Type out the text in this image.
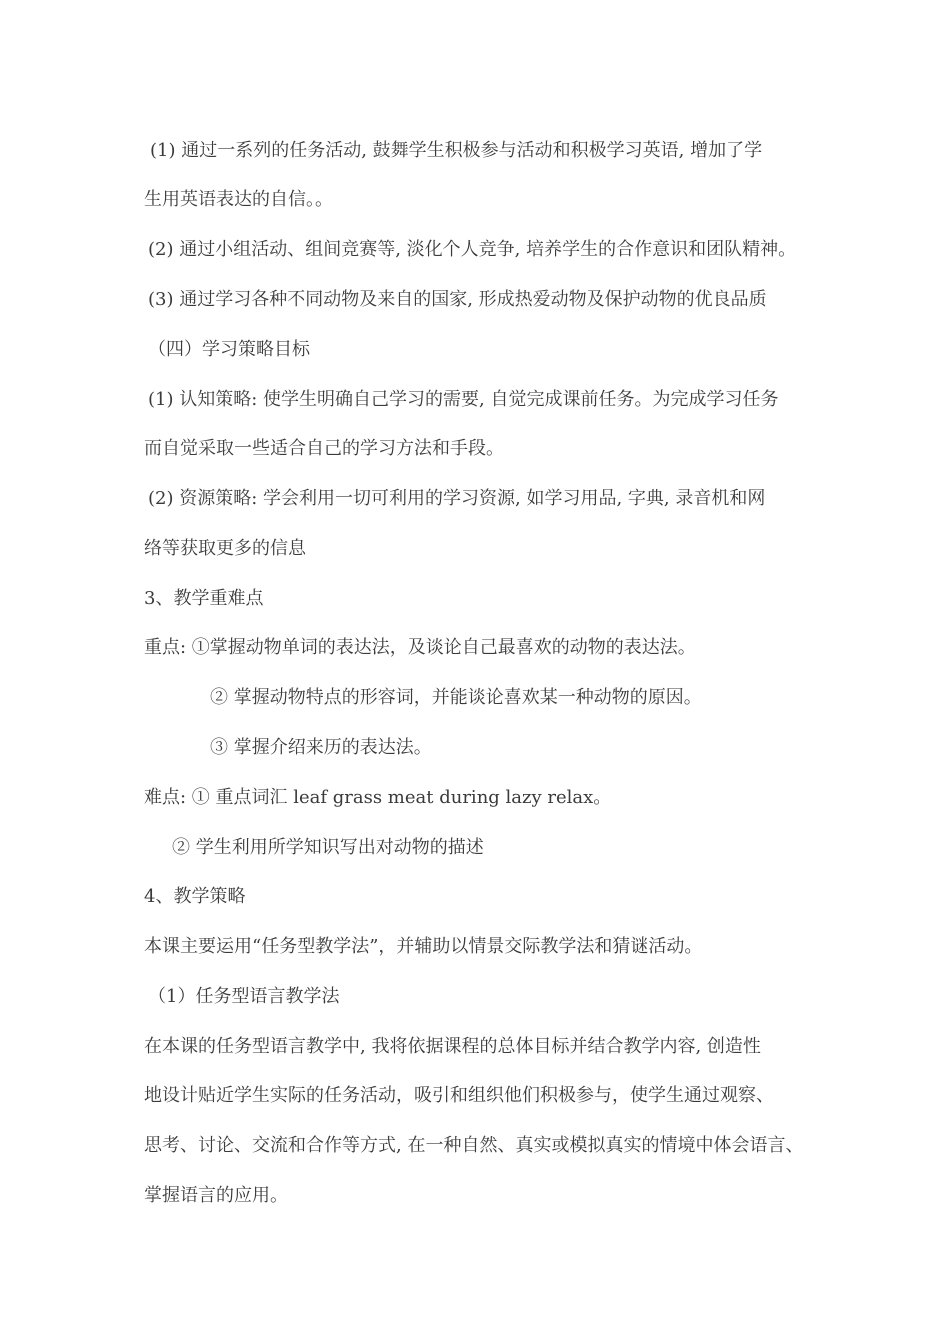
(1) 通过一系列的任务活动, 鼓舞学生积极参与活动和积极学习英语, 增加了学
生用英语表达的自信。。
(2) 通过小组活动、组间竞赛等, 淡化个人竞争, 培养学生的合作意识和团队精神。
(3) 通过学习各种不同动物及来自的国家, 形成热爱动物及保护动物的优良品质
（四）学习策略目标
(1) 认知策略: 使学生明确自己学习的需要, 自觉完成课前任务。为完成学习任务
而自觉采取一些适合自己的学习方法和手段。
(2) 资源策略: 学会利用一切可利用的学习资源, 如学习用品, 字典, 录音机和网
络等获取更多的信息
3、教学重难点
重点: ①掌握动物单词的表达法，及谈论自己最喜欢的动物的表达法。
② 掌握动物特点的形容词，并能谈论喜欢某一种动物的原因。
③ 掌握介绍来历的表达法。
难点: ① 重点词汇 leaf grass meat during lazy relax。
② 学生利用所学知识写出对动物的描述
4、教学策略
本课主要运用“任务型教学法”，并辅助以情景交际教学法和猜谜活动。
（1）任务型语言教学法
在本课的任务型语言教学中, 我将依据课程的总体目标并结合教学内容, 创造性
地设计贴近学生实际的任务活动，吸引和组织他们积极参与，使学生通过观察、
思考、讨论、交流和合作等方式, 在一种自然、真实或模拟真实的情境中体会语言、
掌握语言的应用。
